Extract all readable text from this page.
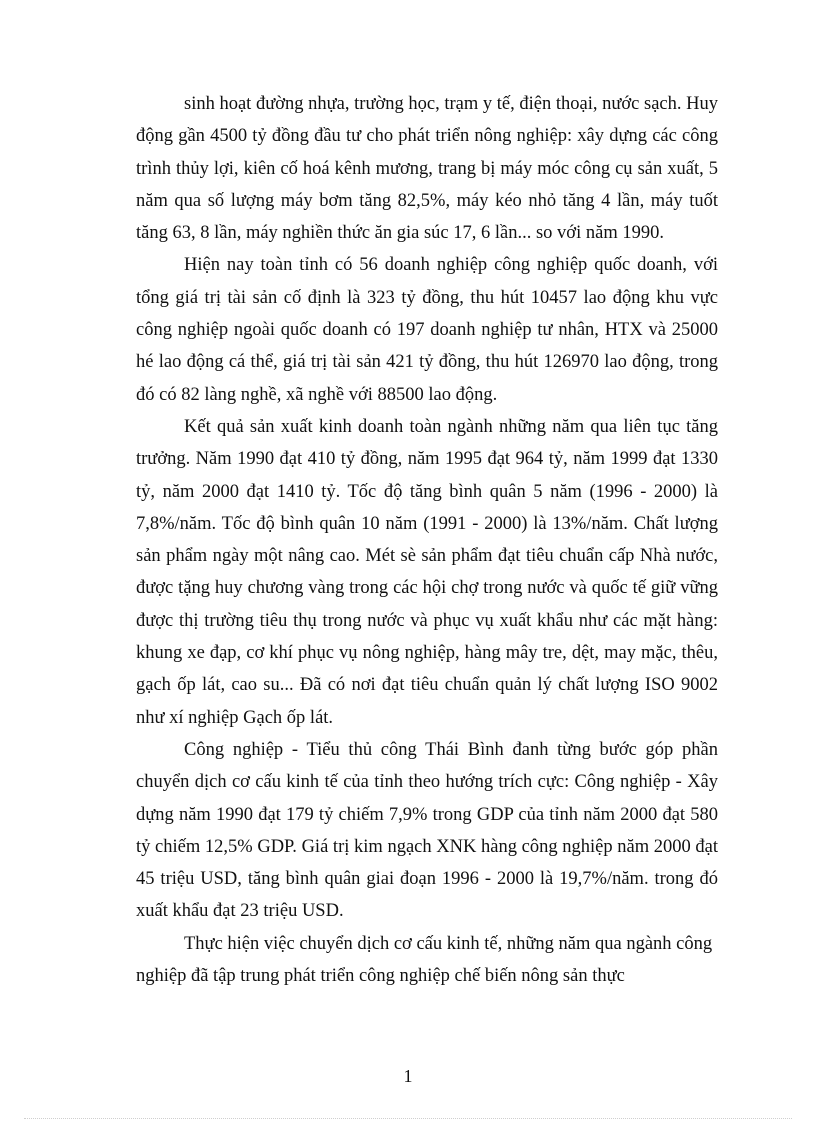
sinh hoạt đường nhựa, trường học, trạm y tế, điện thoại, nước sạch. Huy động gần 4500 tỷ đồng đầu tư cho phát triển nông nghiệp: xây dựng các công trình thủy lợi, kiên cố hoá kênh mương, trang bị máy móc công cụ sản xuất, 5 năm qua số lượng máy bơm tăng 82,5%, máy kéo nhỏ tăng 4 lần, máy tuốt tăng 63, 8 lần, máy nghiền thức ăn gia súc 17, 6 lần... so với năm 1990.

Hiện nay toàn tỉnh có 56 doanh nghiệp công nghiệp quốc doanh, với tổng giá trị tài sản cố định là 323 tỷ đồng, thu hút 10457 lao động khu vực công nghiệp ngoài quốc doanh có 197 doanh nghiệp tư nhân, HTX và 25000 hé lao động cá thể, giá trị tài sản 421 tỷ đồng, thu hút 126970 lao động, trong đó có 82 làng nghề, xã nghề với 88500 lao động.

Kết quả sản xuất kinh doanh toàn ngành những năm qua liên tục tăng trưởng. Năm 1990 đạt 410 tỷ đồng, năm 1995 đạt 964 tỷ, năm 1999 đạt 1330 tỷ, năm 2000 đạt 1410 tỷ. Tốc độ tăng bình quân 5 năm (1996 - 2000) là 7,8%/năm. Tốc độ bình quân 10 năm (1991 - 2000) là 13%/năm. Chất lượng sản phẩm ngày một nâng cao. Mét sè sản phẩm đạt tiêu chuẩn cấp Nhà nước, được tặng huy chương vàng trong các hội chợ trong nước và quốc tế giữ vững được thị trường tiêu thụ trong nước và phục vụ xuất khẩu như các mặt hàng: khung xe đạp, cơ khí phục vụ nông nghiệp, hàng mây tre, dệt, may mặc, thêu, gạch ốp lát, cao su... Đã có nơi đạt tiêu chuẩn quản lý chất lượng ISO 9002 như xí nghiệp Gạch ốp lát.

Công nghiệp - Tiểu thủ công Thái Bình đanh từng bước góp phần chuyển dịch cơ cấu kinh tế của tỉnh theo hướng trích cực: Công nghiệp - Xây dựng năm 1990 đạt 179 tỷ chiếm 7,9% trong GDP của tỉnh năm 2000 đạt 580 tỷ chiếm 12,5% GDP. Giá trị kim ngạch XNK hàng công nghiệp năm 2000 đạt 45 triệu USD, tăng bình quân giai đoạn 1996 - 2000 là 19,7%/năm. trong đó xuất khẩu đạt 23 triệu USD.

Thực hiện việc chuyển dịch cơ cấu kinh tế, những năm qua ngành công nghiệp đã tập trung phát triển công nghiệp chế biến nông sản thực

1
